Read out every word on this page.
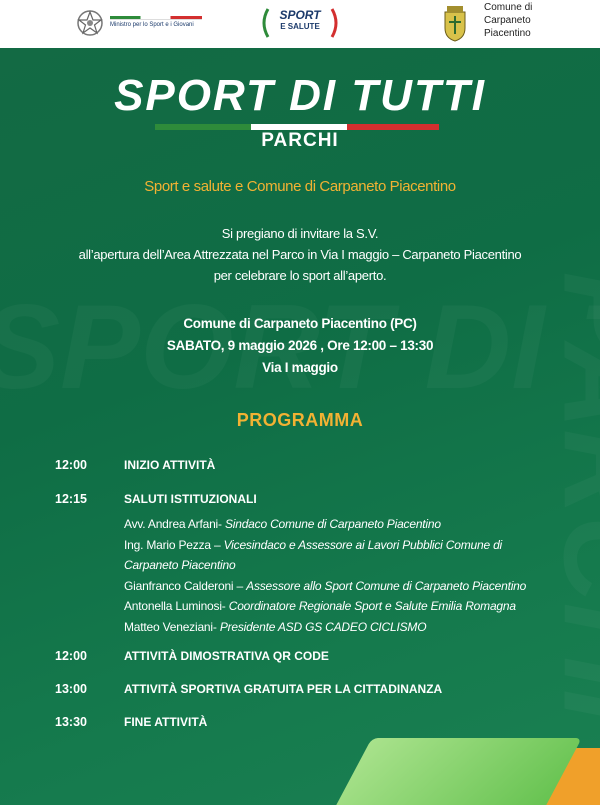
Ministro per lo Sport e i Giovani
SPORT
E SALUTE
Comune di
Carpaneto
Piacentino
SPORT DI TUTTI
PARCHI
Sport e salute e Comune di Carpaneto Piacentino
Si pregiano di invitare la S.V.
all’apertura dell’Area Attrezzata nel Parco in Via I maggio – Carpaneto Piacentino
per celebrare lo sport all’aperto.
Comune di Carpaneto Piacentino (PC)
SABATO, 9 maggio 2026 , Ore 12:00 – 13:30
Via I maggio
PROGRAMMA
12:00	INIZIO ATTIVITÀ
12:15	SALUTI ISTITUZIONALI
Avv. Andrea Arfani- Sindaco Comune di Carpaneto Piacentino
Ing. Mario Pezza – Vicesindaco e Assessore ai Lavori Pubblici Comune di Carpaneto Piacentino
Gianfranco Calderoni – Assessore allo Sport Comune di Carpaneto Piacentino
Antonella Luminosi- Coordinatore Regionale Sport e Salute Emilia Romagna
Matteo Veneziani- Presidente ASD GS CADEO CICLISMO
12:00	ATTIVITÀ DIMOSTRATIVA QR CODE
13:00	ATTIVITÀ SPORTIVA GRATUITA PER LA CITTADINANZA
13:30	FINE ATTIVITÀ
